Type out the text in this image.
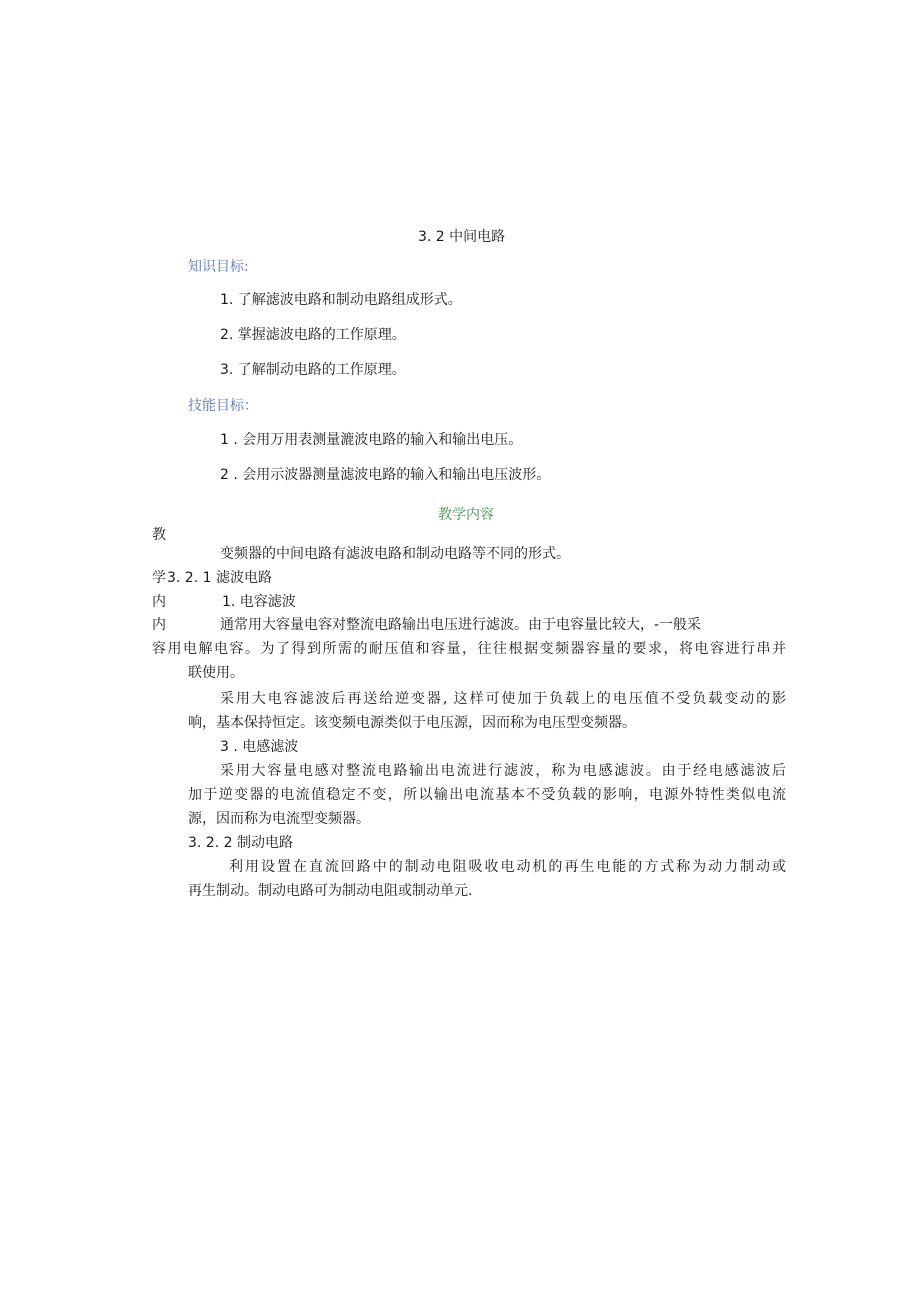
3. 2 中间电路
知识目标:
1. 了解滤波电路和制动电路组成形式。
2. 掌握滤波电路的工作原理。
3. 了解制动电路的工作原理。
技能目标：
1 . 会用万用表测量漉波电路的输入和输出电压。
2 . 会用示波器测量滤波电路的输入和输出电压波形。
教学内容
教
变频器的中间电路有滤波电路和制动电路等不同的形式。
学 3. 2. 1 滤波电路
内	1. 电容滤波
内	通常用大容量电容对整流电路输出电压进行滤波。由于电容量比较大，-一般采
容用电解电容。为了得到所需的耐压值和容量，往往根据变频器容量的要求，将电容进行串并
联使用。
采用大电容滤波后再送给逆变器, 这样可使加于负载上的电压值不受负载变动的影
响，基本保持恒定。该变频电源类似于电压源，因而称为电压型变频器。
3 . 电感滤波
采用大容量电感对整流电路输出电流进行滤波，称为电感滤波。由于经电感滤波后
加于逆变器的电流值稳定不变，所以输出电流基本不受负载的影响，电源外特性类似电流
源，因而称为电流型变频器。
3. 2. 2 制动电路
利用设置在直流回路中的制动电阻吸收电动机的再生电能的方式称为动力制动或
再生制动。制动电路可为制动电阻或制动单元.
